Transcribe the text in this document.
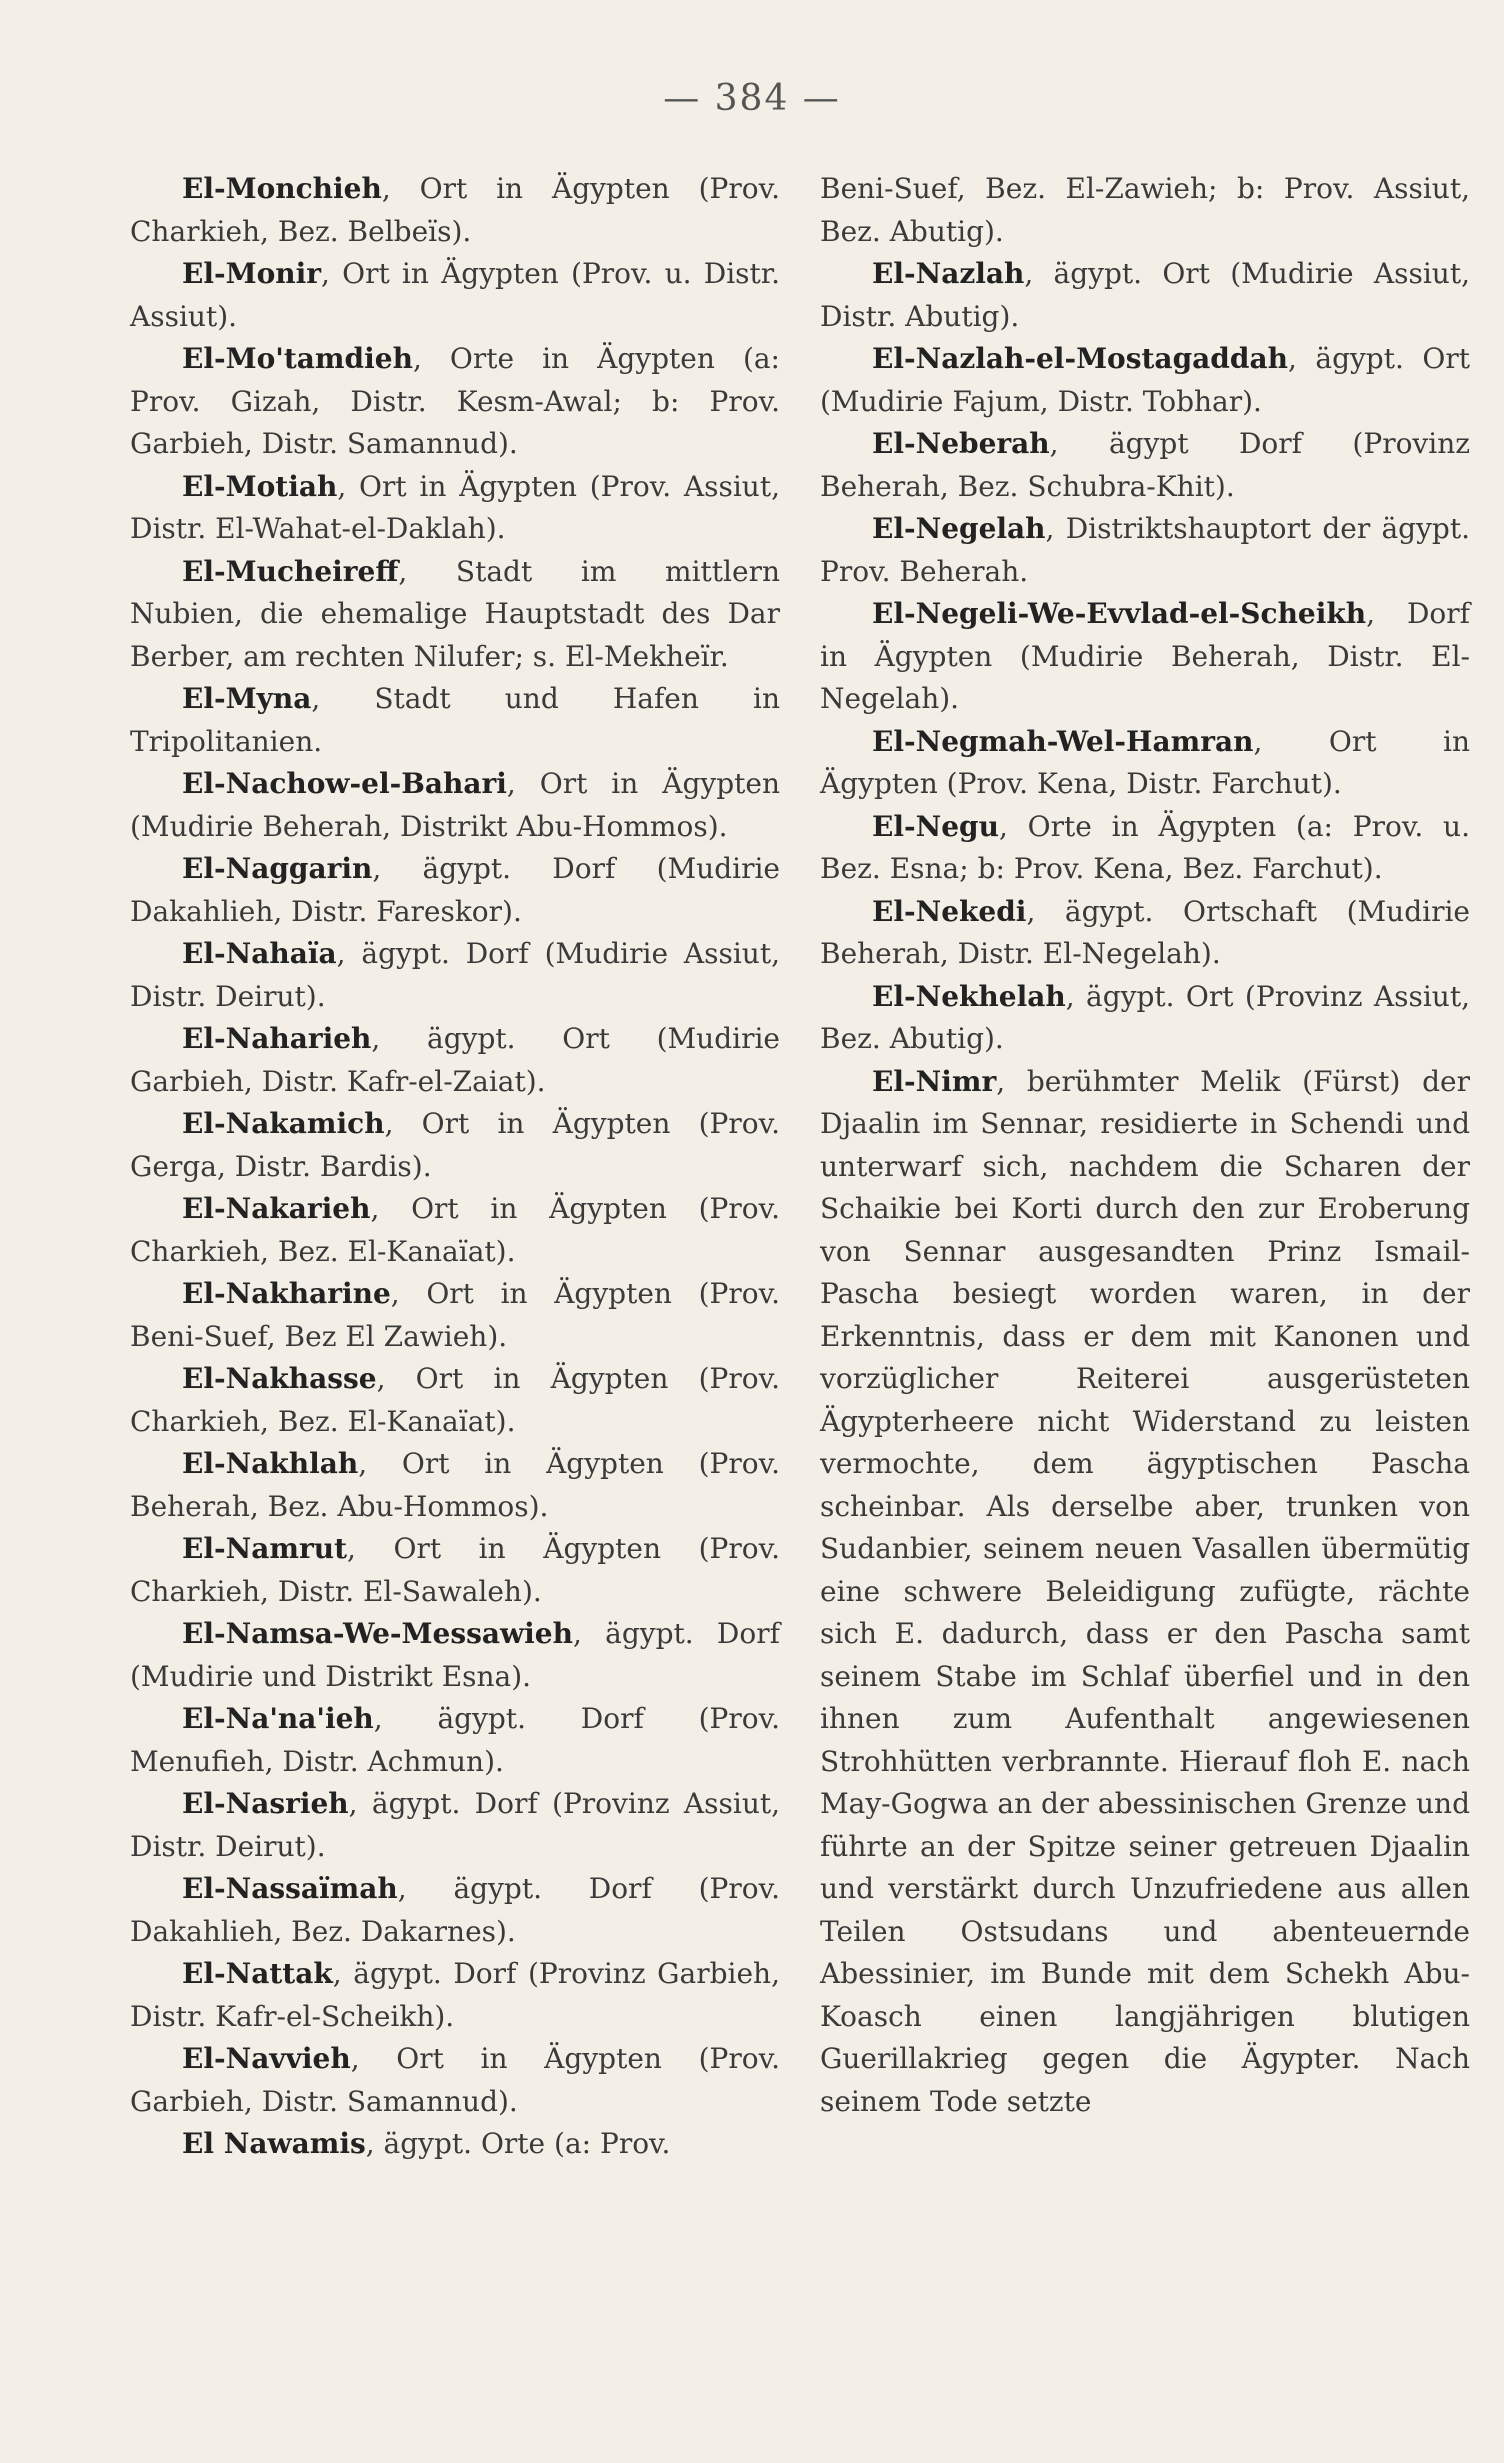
— 384 —

El-Monchieh, Ort in Ägypten (Prov. Charkieh, Bez. Belbeïs).

El-Monir, Ort in Ägypten (Prov. u. Distr. Assiut).

El-Mo'tamdieh, Orte in Ägypten (a: Prov. Gizah, Distr. Kesm-Awal; b: Prov. Garbieh, Distr. Samannud).

El-Motiah, Ort in Ägypten (Prov. Assiut, Distr. El-Wahat-el-Daklah).

El-Mucheireff, Stadt im mittlern Nubien, die ehemalige Hauptstadt des Dar Berber, am rechten Nilufer; s. El-Mekheïr.

El-Myna, Stadt und Hafen in Tripolitanien.

El-Nachow-el-Bahari, Ort in Ägypten (Mudirie Beherah, Distrikt Abu-Hommos).

El-Naggarin, ägypt. Dorf (Mudirie Dakahlieh, Distr. Fareskor).

El-Nahaïa, ägypt. Dorf (Mudirie Assiut, Distr. Deirut).

El-Naharieh, ägypt. Ort (Mudirie Garbieh, Distr. Kafr-el-Zaiat).

El-Nakamich, Ort in Ägypten (Prov. Gerga, Distr. Bardis).

El-Nakarieh, Ort in Ägypten (Prov. Charkieh, Bez. El-Kanaïat).

El-Nakharine, Ort in Ägypten (Prov. Beni-Suef, Bez El Zawieh).

El-Nakhasse, Ort in Ägypten (Prov. Charkieh, Bez. El-Kanaïat).

El-Nakhlah, Ort in Ägypten (Prov. Beherah, Bez. Abu-Hommos).

El-Namrut, Ort in Ägypten (Prov. Charkieh, Distr. El-Sawaleh).

El-Namsa-We-Messawieh, ägypt. Dorf (Mudirie und Distrikt Esna).

El-Na'na'ieh, ägypt. Dorf (Prov. Menufieh, Distr. Achmun).

El-Nasrieh, ägypt. Dorf (Provinz Assiut, Distr. Deirut).

El-Nassaïmah, ägypt. Dorf (Prov. Dakahlieh, Bez. Dakarnes).

El-Nattak, ägypt. Dorf (Provinz Garbieh, Distr. Kafr-el-Scheikh).

El-Navvieh, Ort in Ägypten (Prov. Garbieh, Distr. Samannud).

El Nawamis, ägypt. Orte (a: Prov.

Beni-Suef, Bez. El-Zawieh; b: Prov. Assiut, Bez. Abutig).

El-Nazlah, ägypt. Ort (Mudirie Assiut, Distr. Abutig).

El-Nazlah-el-Mostagaddah, ägypt. Ort (Mudirie Fajum, Distr. Tobhar).

El-Neberah, ägypt Dorf (Provinz Beherah, Bez. Schubra-Khit).

El-Negelah, Distriktshauptort der ägypt. Prov. Beherah.

El-Negeli-We-Evvlad-el-Scheikh, Dorf in Ägypten (Mudirie Beherah, Distr. El-Negelah).

El-Negmah-Wel-Hamran, Ort in Ägypten (Prov. Kena, Distr. Farchut).

El-Negu, Orte in Ägypten (a: Prov. u. Bez. Esna; b: Prov. Kena, Bez. Farchut).

El-Nekedi, ägypt. Ortschaft (Mudirie Beherah, Distr. El-Negelah).

El-Nekhelah, ägypt. Ort (Provinz Assiut, Bez. Abutig).

El-Nimr, berühmter Melik (Fürst) der Djaalin im Sennar, residierte in Schendi und unterwarf sich, nachdem die Scharen der Schaikie bei Korti durch den zur Eroberung von Sennar ausgesandten Prinz Ismail-Pascha besiegt worden waren, in der Erkenntnis, dass er dem mit Kanonen und vorzüglicher Reiterei ausgerüsteten Ägypterheere nicht Widerstand zu leisten vermochte, dem ägyptischen Pascha scheinbar. Als derselbe aber, trunken von Sudanbier, seinem neuen Vasallen übermütig eine schwere Beleidigung zufügte, rächte sich E. dadurch, dass er den Pascha samt seinem Stabe im Schlaf überfiel und in den ihnen zum Aufenthalt angewiesenen Strohhütten verbrannte. Hierauf floh E. nach May-Gogwa an der abessinischen Grenze und führte an der Spitze seiner getreuen Djaalin und verstärkt durch Unzufriedene aus allen Teilen Ostsudans und abenteuernde Abessinier, im Bunde mit dem Schekh Abu-Koasch einen langjährigen blutigen Guerillakrieg gegen die Ägypter. Nach seinem Tode setzte
